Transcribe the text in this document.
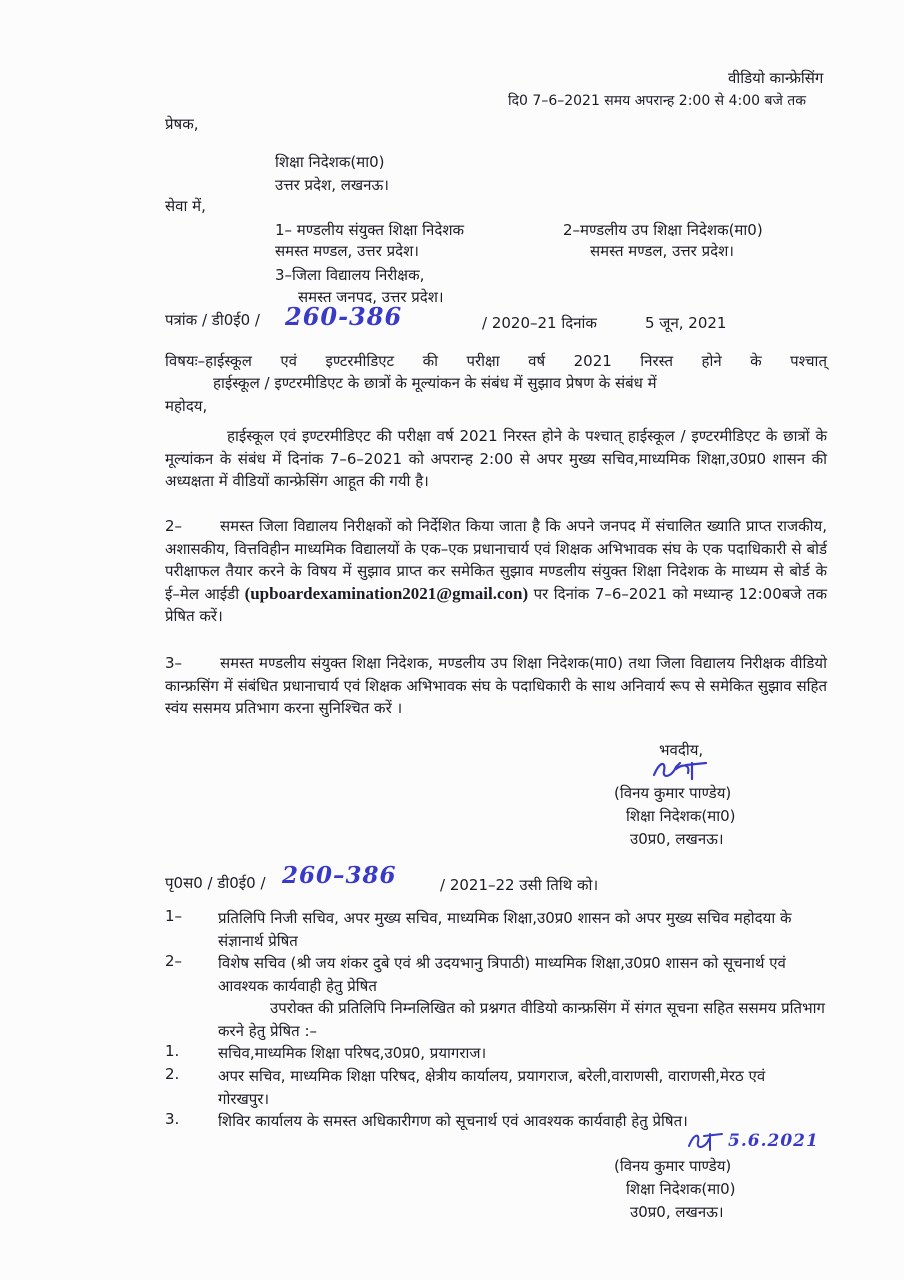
वीडियो कान्फ्रेसिंग
दि0 7–6–2021 समय अपरान्ह 2:00 से 4:00 बजे तक
प्रेषक,
शिक्षा निदेशक(मा0)
उत्तर प्रदेश, लखनऊ।
सेवा में,
1– मण्डलीय संयुक्त शिक्षा निदेशक
समस्त मण्डल, उत्तर प्रदेश।
2–मण्डलीय उप शिक्षा निदेशक(मा0)
समस्त मण्डल, उत्तर प्रदेश।
3–जिला विद्यालय निरीक्षक,
समस्त जनपद, उत्तर प्रदेश।
पत्रांक / डी0ई0 / 260-386	/ 2020–21 दिनांक	5 जून, 2021
विषयः–हाईस्कूल एवं इण्टरमीडिएट की परीक्षा वर्ष 2021 निरस्त होने के पश्चात्
हाईस्कूल / इण्टरमीडिएट के छात्रों के मूल्यांकन के संबंध में सुझाव प्रेषण के संबंध में
महोदय,
हाईस्कूल एवं इण्टरमीडिएट की परीक्षा वर्ष 2021 निरस्त होने के पश्चात् हाईस्कूल / इण्टरमीडिएट के छात्रों के मूल्यांकन के संबंध में दिनांक 7–6–2021 को अपरान्ह 2:00 से अपर मुख्य सचिव,माध्यमिक शिक्षा,उ0प्र0 शासन की अध्यक्षता में वीडियों कान्फ्रेसिंग आहूत की गयी है।
2–	समस्त जिला विद्यालय निरीक्षकों को निर्देशित किया जाता है कि अपने जनपद में संचालित ख्याति प्राप्त राजकीय, अशासकीय, वित्तविहीन माध्यमिक विद्यालयों के एक–एक प्रधानाचार्य एवं शिक्षक अभिभावक संघ के एक पदाधिकारी से बोर्ड परीक्षाफल तैयार करने के विषय में सुझाव प्राप्त कर समेकित सुझाव मण्डलीय संयुक्त शिक्षा निदेशक के माध्यम से बोर्ड के ई–मेल आईडी (upboardexamination2021@gmail.con) पर दिनांक 7–6–2021 को मध्यान्ह 12:00बजे तक प्रेषित करें।
3–	समस्त मण्डलीय संयुक्त शिक्षा निदेशक, मण्डलीय उप शिक्षा निदेशक(मा0) तथा जिला विद्यालय निरीक्षक वीडियो कान्फ्रसिंग में संबंधित प्रधानाचार्य एवं शिक्षक अभिभावक संघ के पदाधिकारी के साथ अनिवार्य रूप से समेकित सुझाव सहित स्वंय ससमय प्रतिभाग करना सुनिश्चित करें ।
भवदीय,
(विनय कुमार पाण्डेय)
शिक्षा निदेशक(मा0)
उ0प्र0, लखनऊ।
पृ0स0 / डी0ई0 / 260–386	/ 2021–22 उसी तिथि को।
1– प्रतिलिपि निजी सचिव, अपर मुख्य सचिव, माध्यमिक शिक्षा,उ0प्र0 शासन को अपर मुख्य सचिव महोदया के संज्ञानार्थ प्रेषित
2– विशेष सचिव (श्री जय शंकर दुबे एवं श्री उदयभानु त्रिपाठी) माध्यमिक शिक्षा,उ0प्र0 शासन को सूचनार्थ एवं आवश्यक कार्यवाही हेतु प्रेषित
उपरोक्त की प्रतिलिपि निम्नलिखित को प्रश्नगत वीडियो कान्फ्रसिंग में संगत सूचना सहित ससमय प्रतिभाग करने हेतु प्रेषित :–
1.	सचिव,माध्यमिक शिक्षा परिषद,उ0प्र0, प्रयागराज।
2.	अपर सचिव, माध्यमिक शिक्षा परिषद, क्षेत्रीय कार्यालय, प्रयागराज, बरेली,वाराणसी, वाराणसी,मेरठ एवं गोरखपुर।
3.	शिविर कार्यालय के समस्त अधिकारीगण को सूचनार्थ एवं आवश्यक कार्यवाही हेतु प्रेषित।
5.6.2021
(विनय कुमार पाण्डेय)
शिक्षा निदेशक(मा0)
उ0प्र0, लखनऊ।
